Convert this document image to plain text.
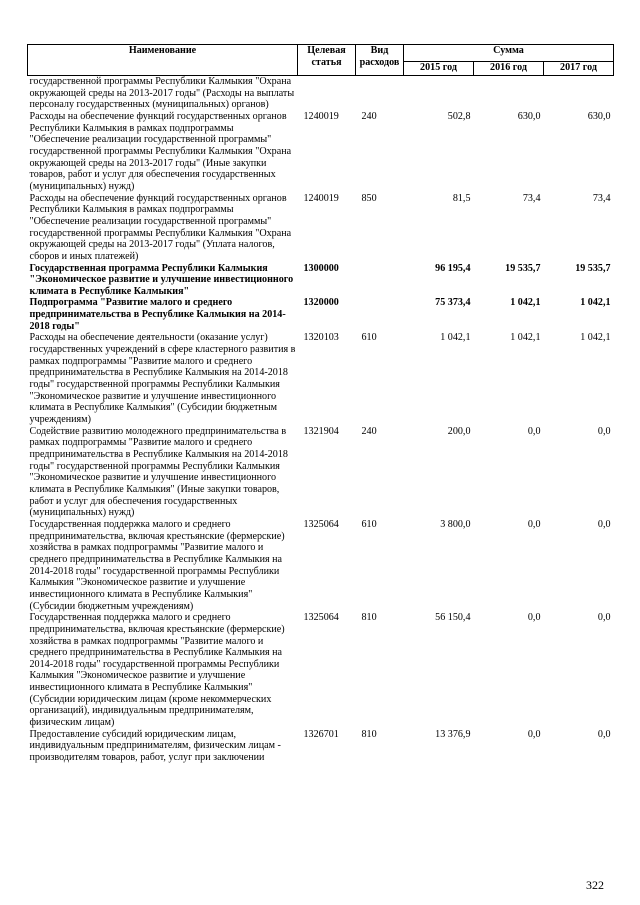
Наименование	Целевая статья	Вид расходов	Сумма		
			2015 год	2016 год	2017 год
государственной программы Республики Калмыкия "Охрана окружающей среды на 2013-2017 годы" (Расходы на выплаты персоналу государственных (муниципальных) органов)					
Расходы на обеспечение функций государственных органов Республики Калмыкия в рамках подпрограммы "Обеспечение реализации государственной программы" государственной программы Республики Калмыкия "Охрана окружающей среды на 2013-2017 годы" (Иные закупки товаров, работ и услуг для обеспечения государственных (муниципальных) нужд)	1240019	240	502,8	630,0	630,0
Расходы на обеспечение функций государственных органов Республики Калмыкия в рамках подпрограммы "Обеспечение реализации государственной программы" государственной программы Республики Калмыкия "Охрана окружающей среды на 2013-2017 годы" (Уплата налогов, сборов и иных платежей)	1240019	850	81,5	73,4	73,4
Государственная программа Республики Калмыкия "Экономическое развитие и улучшение инвестиционного климата в Республике Калмыкия"	1300000		96 195,4	19 535,7	19 535,7
Подпрограмма "Развитие малого и среднего предпринимательства в Республике Калмыкия на 2014-2018 годы"	1320000		75 373,4	1 042,1	1 042,1
Расходы на обеспечение деятельности (оказание услуг) государственных учреждений в сфере кластерного развития в рамках подпрограммы "Развитие малого и среднего предпринимательства в Республике Калмыкия на 2014-2018 годы" государственной программы Республики Калмыкия "Экономическое развитие и улучшение инвестиционного климата в Республике Калмыкия" (Субсидии бюджетным учреждениям)	1320103	610	1 042,1	1 042,1	1 042,1
Содействие развитию молодежного предпринимательства в рамках подпрограммы "Развитие малого и среднего предпринимательства в Республике Калмыкия на 2014-2018 годы" государственной программы Республики Калмыкия "Экономическое развитие и улучшение инвестиционного климата в Республике Калмыкия" (Иные закупки товаров, работ и услуг для обеспечения государственных (муниципальных) нужд)	1321904	240	200,0	0,0	0,0
Государственная поддержка малого и среднего предпринимательства, включая крестьянские (фермерские) хозяйства в рамках подпрограммы "Развитие малого и среднего предпринимательства в Республике Калмыкия на 2014-2018 годы" государственной программы Республики Калмыкия "Экономическое развитие и улучшение инвестиционного климата в Республике Калмыкия" (Субсидии бюджетным учреждениям)	1325064	610	3 800,0	0,0	0,0
Государственная поддержка малого и среднего предпринимательства, включая крестьянские (фермерские) хозяйства в рамках подпрограммы "Развитие малого и среднего предпринимательства в Республике Калмыкия на 2014-2018 годы" государственной программы Республики Калмыкия "Экономическое развитие и улучшение инвестиционного климата в Республике Калмыкия" (Субсидии юридическим лицам (кроме некоммерческих организаций), индивидуальным предпринимателям, физическим лицам)	1325064	810	56 150,4	0,0	0,0
Предоставление субсидий юридическим лицам, индивидуальным предпринимателям, физическим лицам - производителям товаров, работ, услуг при заключении	1326701	810	13 376,9	0,0	0,0
322
